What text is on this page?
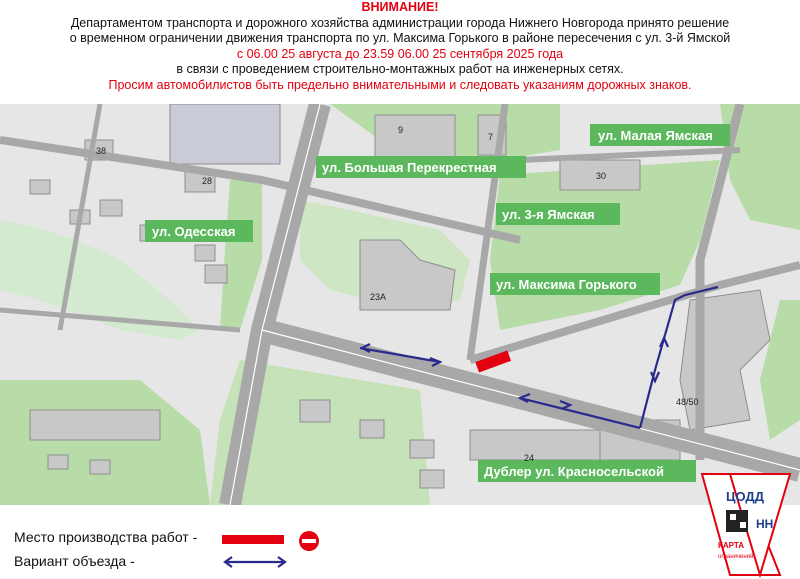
ВНИМАНИЕ!
Департаментом транспорта и дорожного хозяйства администрации города Нижнего Новгорода принято решение
о временном ограничении движения транспорта по ул. Максима Горького в районе пересечения с ул. 3-й Ямской
с 06.00 25 августа до 23.59 06.00 25 сентября 2025 года
в связи с проведением строительно-монтажных работ на инженерных сетях.
Просим автомобилистов быть предельно внимательными и следовать указаниям дорожных знаков.
ул. Малая Ямская
ул. Большая Перекрестная
ул. 3-я Ямская
ул. Одесская
ул. Максима Горького
Дублер ул. Красносельской
9
7
38
28	30
23А
24
48/50
Место производства работ -
Вариант объезда -
ЦОДД
НН
КАРТА
ограничений
